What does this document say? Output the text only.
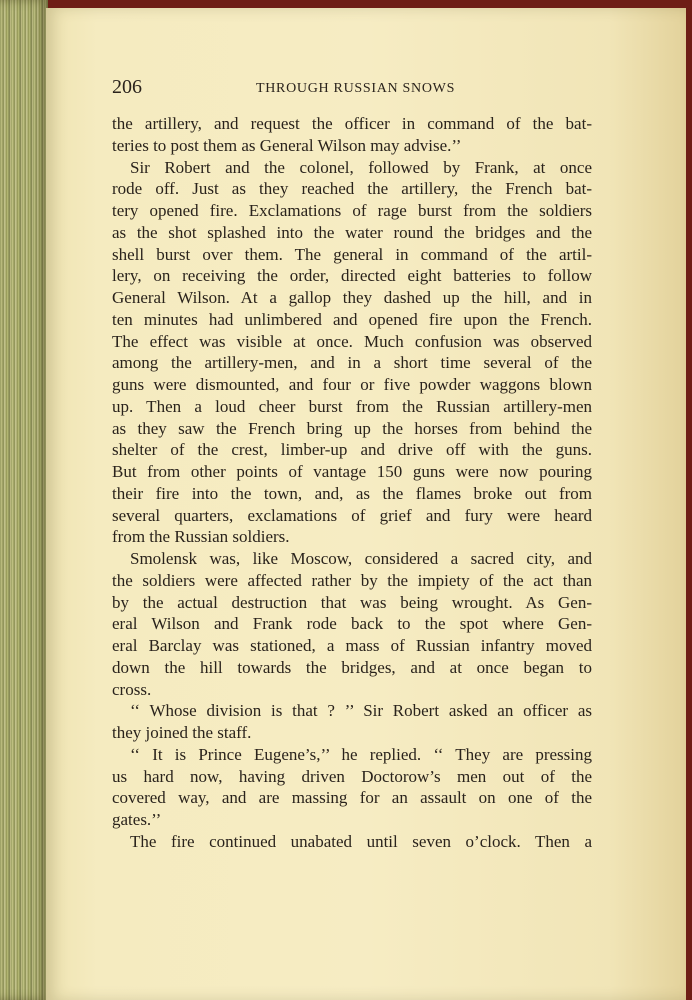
206	THROUGH RUSSIAN SNOWS
the artillery, and request the officer in command of the bat-
teries to post them as General Wilson may advise.’’
Sir Robert and the colonel, followed by Frank, at once
rode off. Just as they reached the artillery, the French bat-
tery opened fire. Exclamations of rage burst from the soldiers
as the shot splashed into the water round the bridges and the
shell burst over them. The general in command of the artil-
lery, on receiving the order, directed eight batteries to follow
General Wilson. At a gallop they dashed up the hill, and in
ten minutes had unlimbered and opened fire upon the French.
The effect was visible at once. Much confusion was observed
among the artillery-men, and in a short time several of the
guns were dismounted, and four or five powder waggons blown
up. Then a loud cheer burst from the Russian artillery-men
as they saw the French bring up the horses from behind the
shelter of the crest, limber-up and drive off with the guns.
But from other points of vantage 150 guns were now pouring
their fire into the town, and, as the flames broke out from
several quarters, exclamations of grief and fury were heard
from the Russian soldiers.
Smolensk was, like Moscow, considered a sacred city, and
the soldiers were affected rather by the impiety of the act than
by the actual destruction that was being wrought. As Gen-
eral Wilson and Frank rode back to the spot where Gen-
eral Barclay was stationed, a mass of Russian infantry moved
down the hill towards the bridges, and at once began to
cross.
‘‘ Whose division is that ? ’’ Sir Robert asked an officer as
they joined the staff.
‘‘ It is Prince Eugene’s,’’ he replied. ‘‘ They are pressing
us hard now, having driven Doctorow’s men out of the
covered way, and are massing for an assault on one of the
gates.’’
The fire continued unabated until seven o’clock. Then a
